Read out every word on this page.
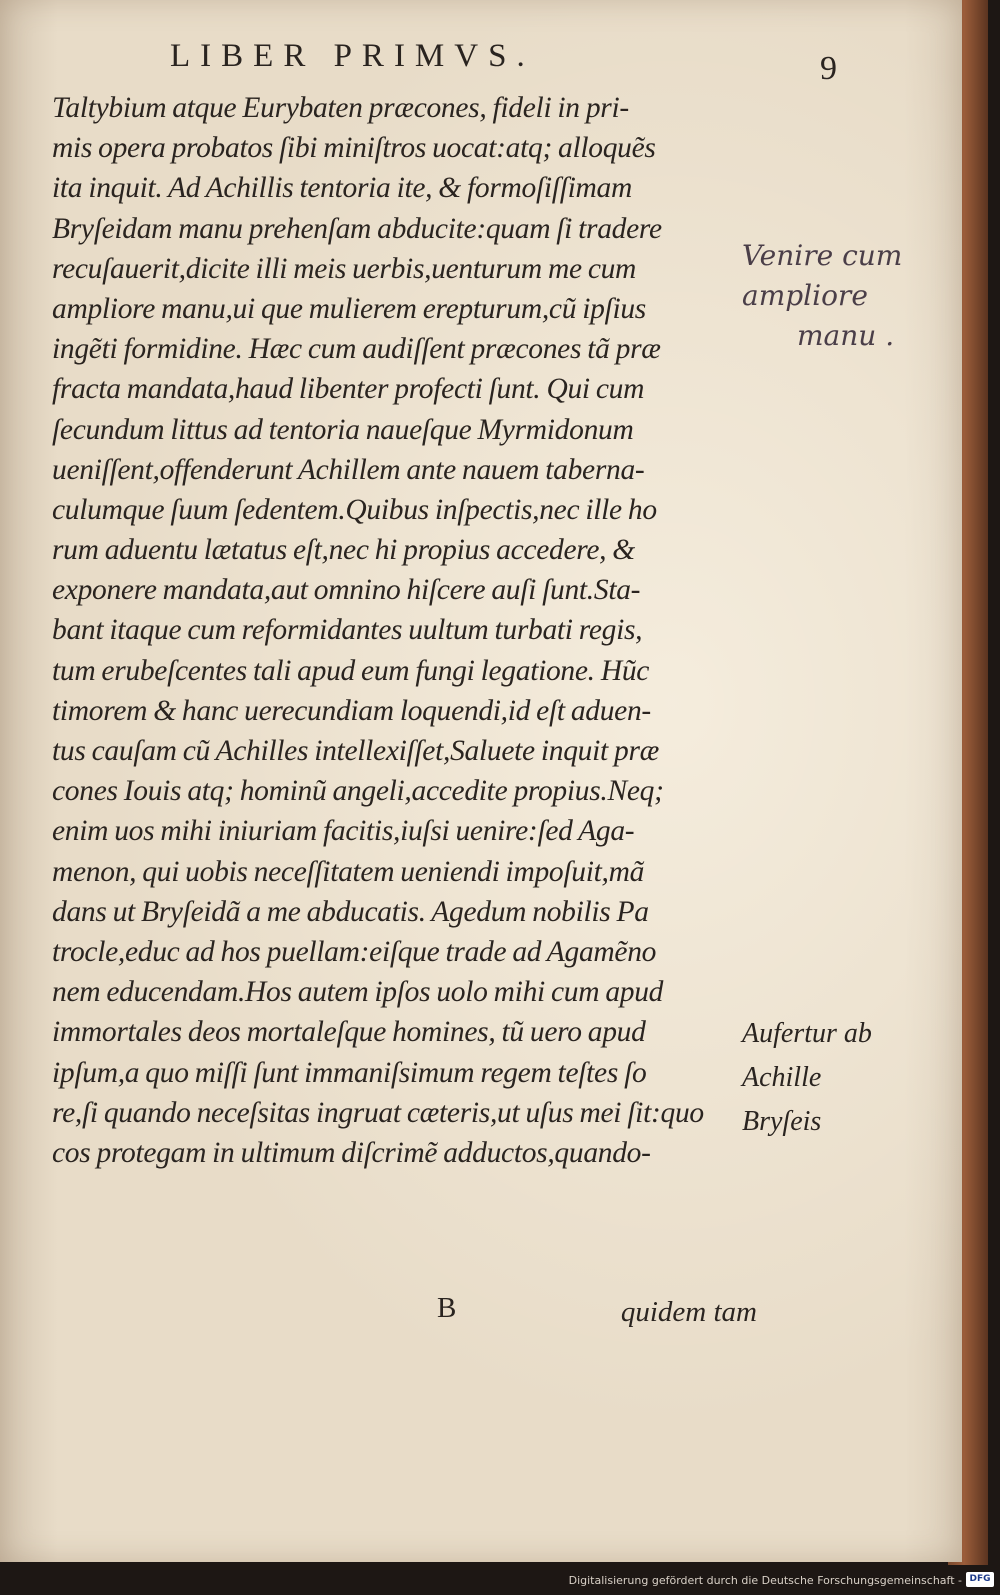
LIBER PRIMVS.	9
Taltybium atque Eurybaten præcones, fideli in pri-
mis opera probatos ſibi miniſtros uocat:atq; alloquẽs
ita inquit. Ad Achillis tentoria ite, & formoſiſſimam
Bryſeidam manu prehenſam abducite:quam ſi tradere
recuſauerit,dicite illi meis uerbis,uenturum me cum
ampliore manu,ui que mulierem erepturum,cũ ipſius
ingẽti formidine. Hæc cum audiſſent præcones tã præ
fracta mandata,haud libenter profecti ſunt. Qui cum
ſecundum littus ad tentoria naueſque Myrmidonum
ueniſſent,offenderunt Achillem ante nauem taberna-
culumque ſuum ſedentem.Quibus inſpectis,nec ille ho
rum aduentu lætatus eſt,nec hi propius accedere, &
exponere mandata,aut omnino hiſcere auſi ſunt.Sta-
bant itaque cum reformidantes uultum turbati regis,
tum erubeſcentes tali apud eum fungi legatione. Hũc
timorem & hanc uerecundiam loquendi,id eſt aduen-
tus cauſam cũ Achilles intellexiſſet,Saluete inquit præ
cones Iouis atq; hominũ angeli,accedite propius.Neq;
enim uos mihi iniuriam facitis,iuſsi uenire:ſed Aga-
menon, qui uobis neceſſitatem ueniendi impoſuit,mã
dans ut Bryſeidã a me abducatis. Agedum nobilis Pa
trocle,educ ad hos puellam:eiſque trade ad Agamẽno
nem educendam.Hos autem ipſos uolo mihi cum apud
immortales deos mortaleſque homines, tũ uero apud
ipſum,a quo miſſi ſunt immaniſsimum regem teſtes ſo
re,ſi quando neceſsitas ingruat cæteris,ut uſus mei ſit:quo
cos protegam in ultimum diſcrimẽ adductos,quando-
B	quidem tam
Venire cum
ampliore
manu .
Aufertur ab
Achille
Bryſeis
Digitalisierung gefördert durch die Deutsche Forschungsgemeinschaft - DFG
